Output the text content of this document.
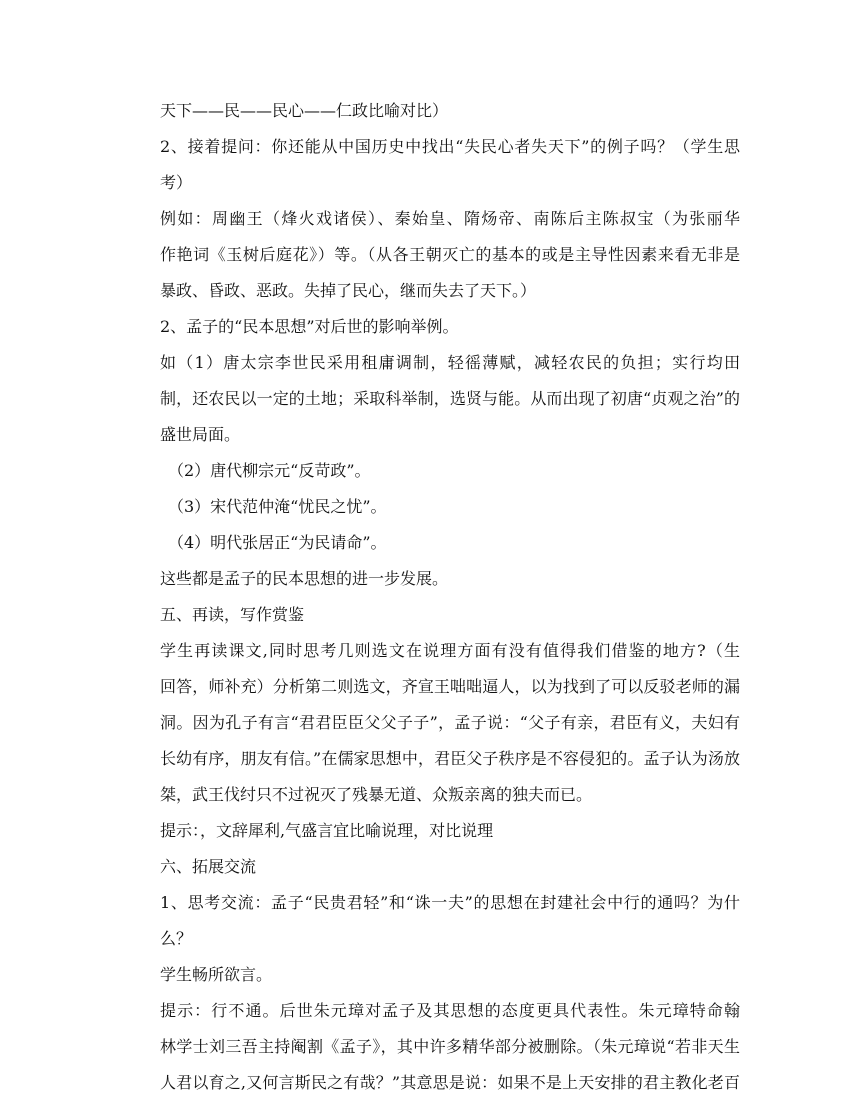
天下——民——民心——仁政比喻对比）
2、接着提问：你还能从中国历史中找出“失民心者失天下”的例子吗？（学生思
考）
例如：周幽王（烽火戏诸侯）、秦始皇、隋炀帝、南陈后主陈叔宝（为张丽华
作艳词《玉树后庭花》）等。（从各王朝灭亡的基本的或是主导性因素来看无非是
暴政、昏政、恶政。失掉了民心，继而失去了天下。）
2、孟子的“民本思想”对后世的影响举例。
如（1）唐太宗李世民采用租庸调制，轻徭薄赋，减轻农民的负担；实行均田
制，还农民以一定的土地；采取科举制，选贤与能。从而出现了初唐“贞观之治”的
盛世局面。
（2）唐代柳宗元“反苛政”。
（3）宋代范仲淹“忧民之忧”。
（4）明代张居正“为民请命”。
这些都是孟子的民本思想的进一步发展。
五、再读，写作赏鉴
学生再读课文,同时思考几则选文在说理方面有没有值得我们借鉴的地方?（生
回答，师补充）分析第二则选文，齐宣王咄咄逼人，以为找到了可以反驳老师的漏
洞。因为孔子有言“君君臣臣父父子子”，孟子说：“父子有亲，君臣有义，夫妇有
长幼有序，朋友有信。”在儒家思想中，君臣父子秩序是不容侵犯的。孟子认为汤放
桀，武王伐纣只不过祝灭了残暴无道、众叛亲离的独夫而已。
提示：，文辞犀利,气盛言宜比喻说理，对比说理
六、拓展交流
1、思考交流：孟子“民贵君轻”和“诛一夫”的思想在封建社会中行的通吗？为什
么？
学生畅所欲言。
提示：行不通。后世朱元璋对孟子及其思想的态度更具代表性。朱元璋特命翰
林学士刘三吾主持阉割《孟子》，其中许多精华部分被删除。（朱元璋说“若非天生
人君以育之,又何言斯民之有哉？”其意思是说：如果不是上天安排的君主教化老百
